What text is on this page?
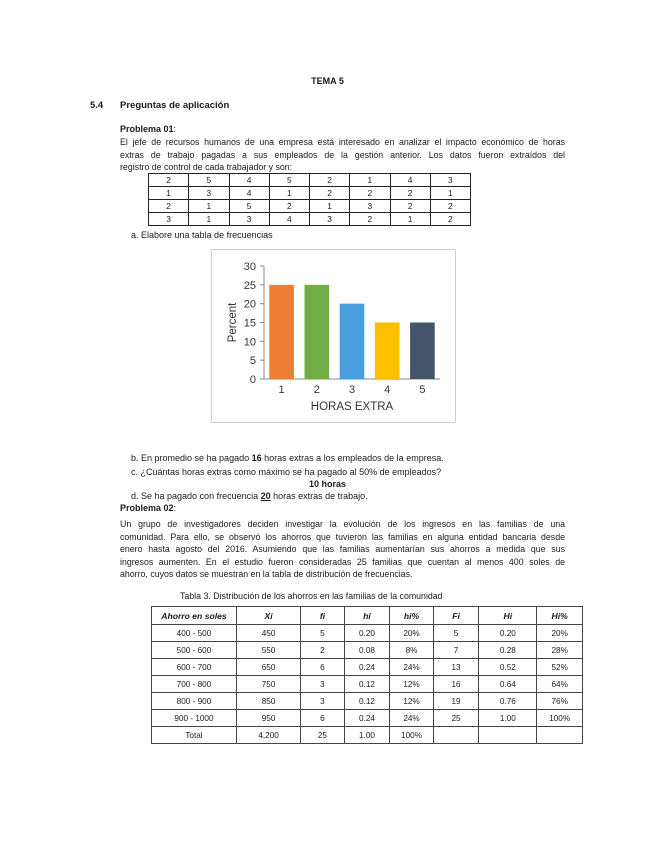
TEMA 5
5.4 Preguntas de aplicación
Problema 01:
El jefe de recursos humanos de una empresa está interesado en analizar el impacto económico de horas
extras de trabajo pagadas a sus empleados de la gestión anterior. Los datos fueron extraídos del
registro de control de cada trabajador y son:
2	5	4	5	2	1	4	3
1	3	4	1	2	2	2	1
2	1	5	2	1	3	2	2
3	1	3	4	3	2	1	2
a. Elabore una tabla de frecuencias
0
5
10
15
20
25
30
1	2	3	4	5
HORAS EXTRA
Percent
b. En promedio se ha pagado 16 horas extras a los empleados de la empresa.
c. ¿Cuántas horas extras como máximo se ha pagado al 50% de empleados?
10 horas
d. Se ha pagado con frecuencia 20 horas extras de trabajo.
Problema 02:
Un grupo de investigadores deciden investigar la evolución de los ingresos en las familias de una
comunidad. Para ello, se observó los ahorros que tuvieron las familias en alguna entidad bancaria desde
enero hasta agosto del 2016. Asumiendo que las familias aumentarían sus ahorros a medida que sus
ingresos aumenten. En el estudio fueron consideradas 25 familias que cuentan al menos 400 soles de
ahorro, cuyos datos se muestran en la tabla de distribución de frecuencias.
Tabla 3. Distribución de los ahorros en las familias de la comunidad
Ahorro en soles	Xi	fi	hi	hi%	Fi	Hi	Hi%
400 - 500	450	5	0.20	20%	5	0.20	20%
500 - 600	550	2	0.08	8%	7	0.28	28%
600 - 700	650	6	0.24	24%	13	0.52	52%
700 - 800	750	3	0.12	12%	16	0.64	64%
800 - 900	850	3	0.12	12%	19	0.76	76%
900 - 1000	950	6	0.24	24%	25	1.00	100%
Total	4,200	25	1.00	100%			
